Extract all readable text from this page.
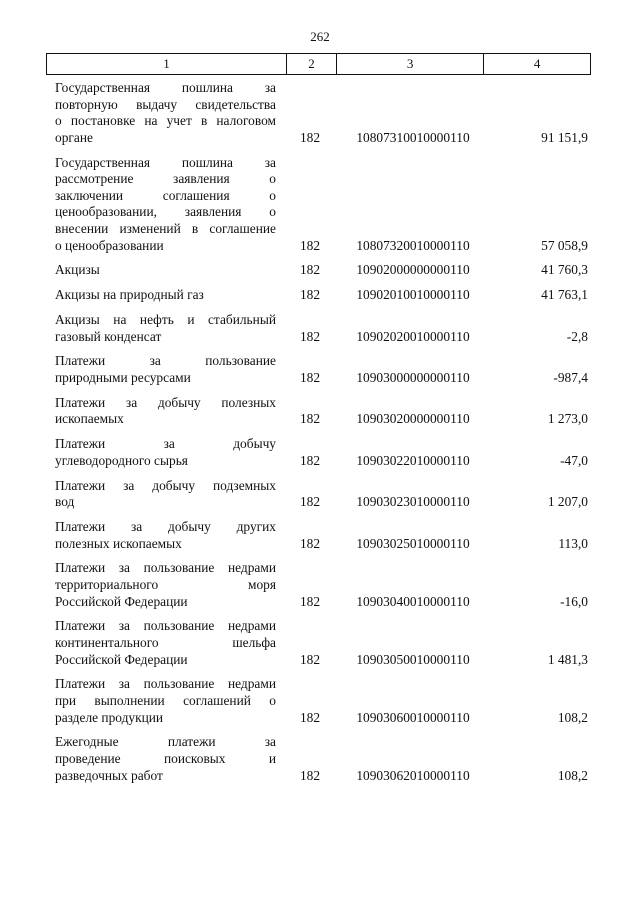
262
1	2	3	4
Государственная пошлина за
повторную выдачу свидетельства
о постановке на учет в налоговом
органе	182	10807310010000110	91 151,9
Государственная пошлина за
рассмотрение заявления о
заключении соглашения о
ценообразовании, заявления о
внесении изменений в соглашение
о ценообразовании	182	10807320010000110	57 058,9
Акцизы	182	10902000000000110	41 760,3
Акцизы на природный газ	182	10902010010000110	41 763,1
Акцизы на нефть и стабильный
газовый конденсат	182	10902020010000110	-2,8
Платежи за пользование
природными ресурсами	182	10903000000000110	-987,4
Платежи за добычу полезных
ископаемых	182	10903020000000110	1 273,0
Платежи за добычу
углеводородного сырья	182	10903022010000110	-47,0
Платежи за добычу подземных
вод	182	10903023010000110	1 207,0
Платежи за добычу других
полезных ископаемых	182	10903025010000110	113,0
Платежи за пользование недрами
территориального моря
Российской Федерации	182	10903040010000110	-16,0
Платежи за пользование недрами
континентального шельфа
Российской Федерации	182	10903050010000110	1 481,3
Платежи за пользование недрами
при выполнении соглашений о
разделе продукции	182	10903060010000110	108,2
Ежегодные платежи за
проведение поисковых и
разведочных работ	182	10903062010000110	108,2
